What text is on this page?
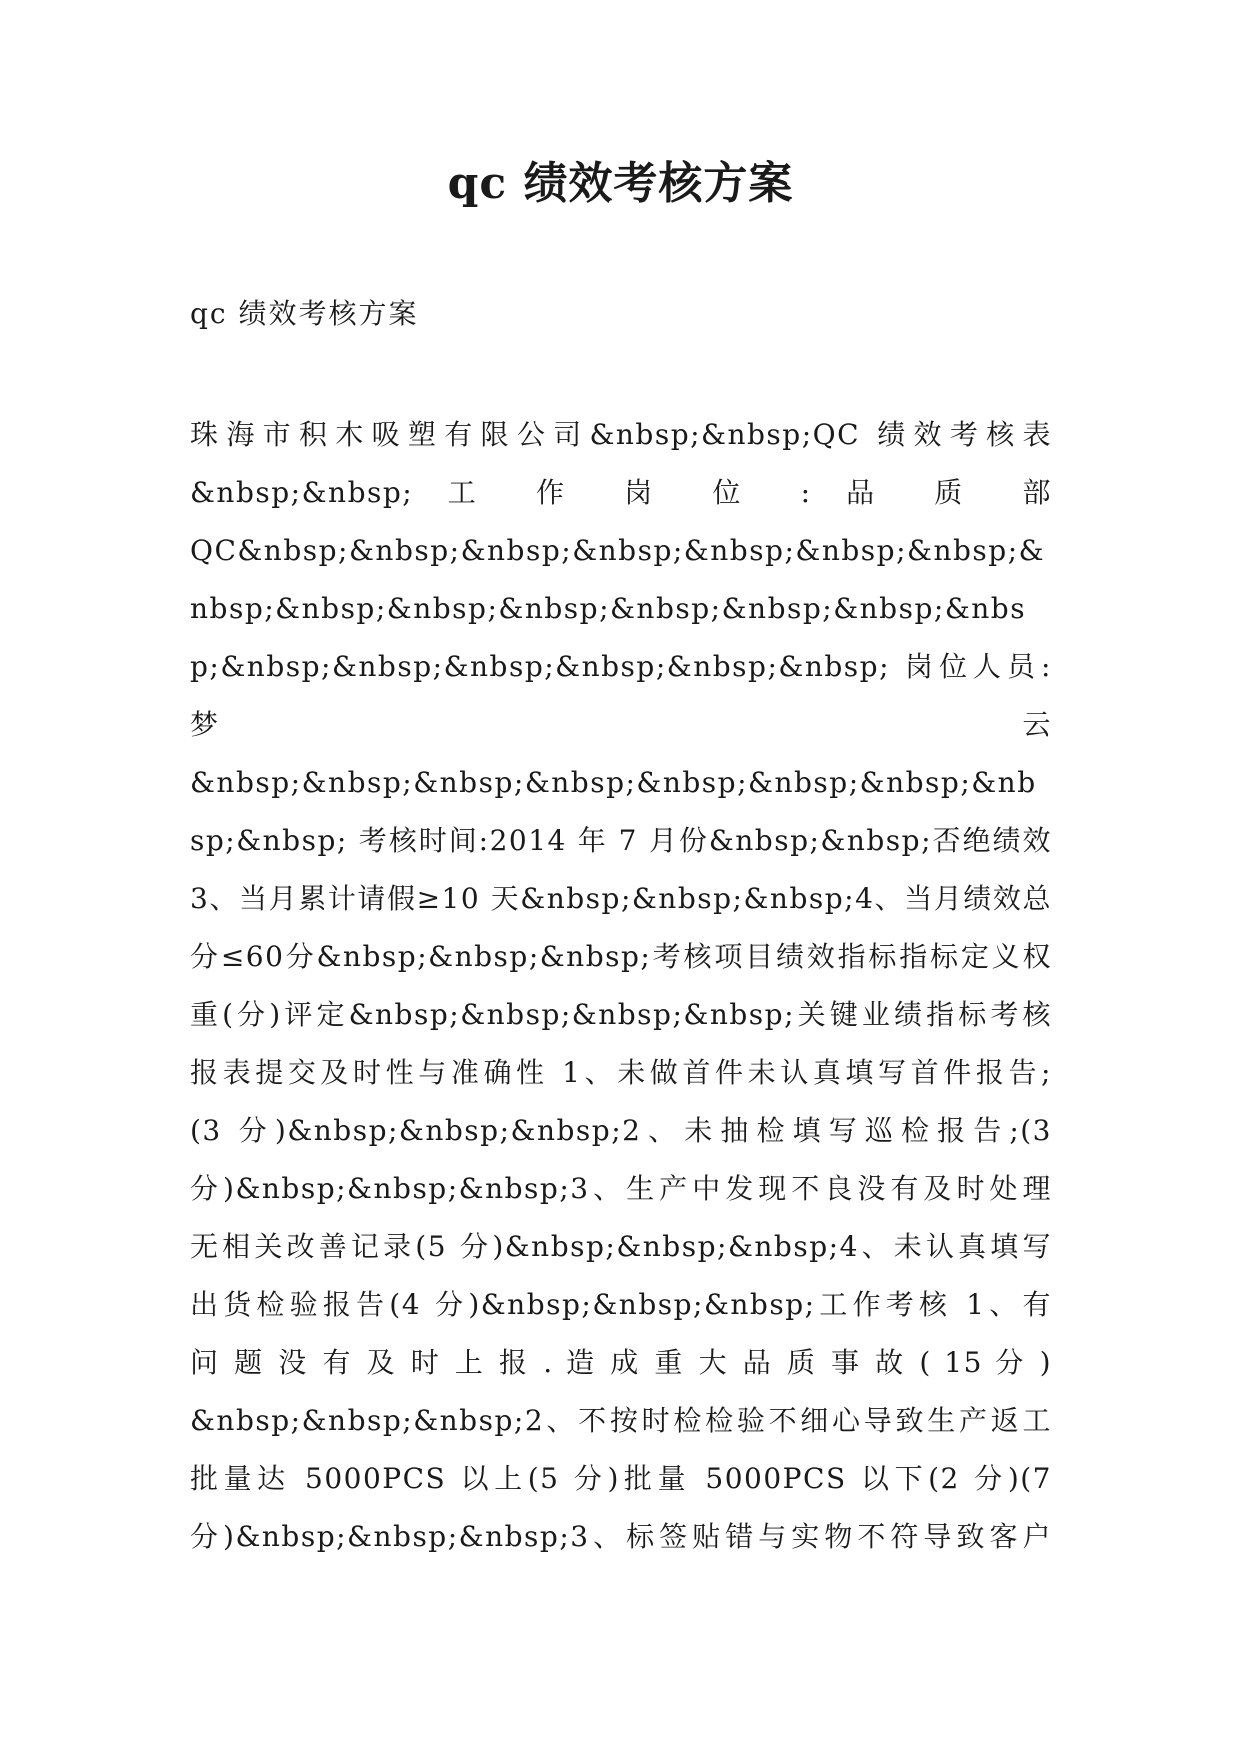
qc 绩效考核方案

qc 绩效考核方案

珠海市积木吸塑有限公司&nbsp;&nbsp;QC 绩效考核表
&nbsp;&nbsp; 工 作 岗 位 : 品 质 部
QC&nbsp;&nbsp;&nbsp;&nbsp;&nbsp;&nbsp;&nbsp;&
nbsp;&nbsp;&nbsp;&nbsp;&nbsp;&nbsp;&nbsp;&nbs
p;&nbsp;&nbsp;&nbsp;&nbsp;&nbsp;&nbsp; 岗位人员:
梦 云
&nbsp;&nbsp;&nbsp;&nbsp;&nbsp;&nbsp;&nbsp;&nb
sp;&nbsp; 考核时间:2014 年 7 月份&nbsp;&nbsp;否绝绩效
3、当月累计请假≥10 天&nbsp;&nbsp;&nbsp;4、当月绩效总
分≤60分&nbsp;&nbsp;&nbsp;考核项目绩效指标指标定义权
重(分)评定&nbsp;&nbsp;&nbsp;&nbsp;关键业绩指标考核
报表提交及时性与准确性 1、未做首件未认真填写首件报告;
(3 分)&nbsp;&nbsp;&nbsp;2、未抽检填写巡检报告;(3
分)&nbsp;&nbsp;&nbsp;3、生产中发现不良没有及时处理
无相关改善记录(5 分)&nbsp;&nbsp;&nbsp;4、未认真填写
出货检验报告(4 分)&nbsp;&nbsp;&nbsp;工作考核 1、有
问 题 没 有 及 时 上 报 . 造 成 重 大 品 质 事 故 ( 15 分 )
&nbsp;&nbsp;&nbsp;2、不按时检检验不细心导致生产返工
批量达 5000PCS 以上(5 分)批量 5000PCS 以下(2 分)(7
分)&nbsp;&nbsp;&nbsp;3、标签贴错与实物不符导致客户
